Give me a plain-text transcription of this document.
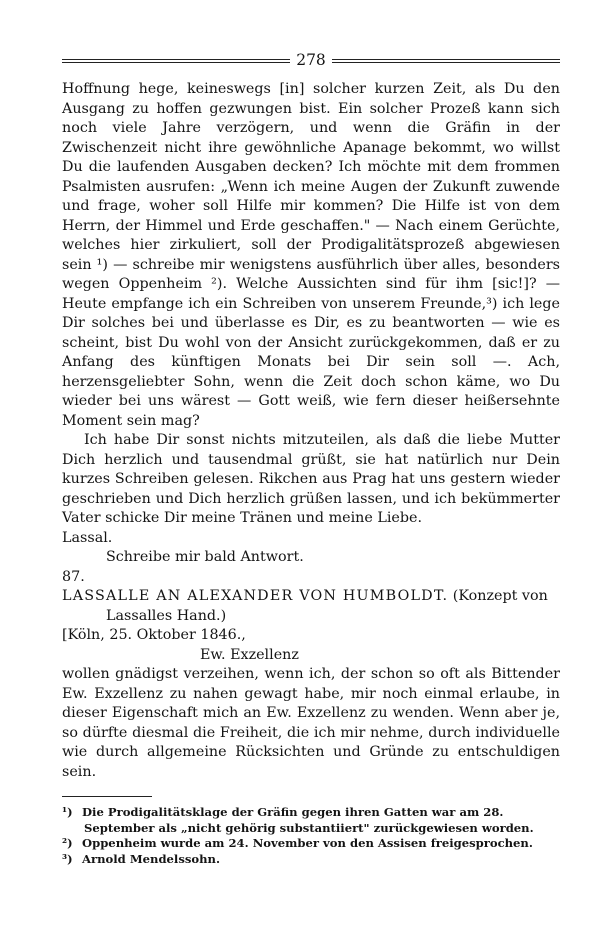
278

Hoffnung hege, keineswegs [in] solcher kurzen Zeit, als Du den Ausgang zu hoffen gezwungen bist. Ein solcher Prozeß kann sich noch viele Jahre verzögern, und wenn die Gräfin in der Zwischenzeit nicht ihre gewöhnliche Apanage bekommt, wo willst Du die laufenden Ausgaben decken? Ich möchte mit dem frommen Psalmisten ausrufen: „Wenn ich meine Augen der Zukunft zuwende und frage, woher soll Hilfe mir kommen? Die Hilfe ist von dem Herrn, der Himmel und Erde geschaffen." — Nach einem Gerüchte, welches hier zirkuliert, soll der Prodigalitätsprozeß abgewiesen sein ¹) — schreibe mir wenigstens ausführlich über alles, besonders wegen Oppenheim ²). Welche Aussichten sind für ihm [sic!]? — Heute empfange ich ein Schreiben von unserem Freunde,³) ich lege Dir solches bei und überlasse es Dir, es zu beantworten — wie es scheint, bist Du wohl von der Ansicht zurückgekommen, daß er zu Anfang des künftigen Monats bei Dir sein soll —. Ach, herzensgeliebter Sohn, wenn die Zeit doch schon käme, wo Du wieder bei uns wärest — Gott weiß, wie fern dieser heißersehnte Moment sein mag?

Ich habe Dir sonst nichts mitzuteilen, als daß die liebe Mutter Dich herzlich und tausendmal grüßt, sie hat natürlich nur Dein kurzes Schreiben gelesen. Rikchen aus Prag hat uns gestern wieder geschrieben und Dich herzlich grüßen lassen, und ich bekümmerter Vater schicke Dir meine Tränen und meine Liebe.

Lassal.

Schreibe mir bald Antwort.

87.

LASSALLE AN ALEXANDER VON HUMBOLDT. (Konzept von
Lassalles Hand.)

[Köln, 25. Oktober 1846.,

Ew. Exzellenz

wollen gnädigst verzeihen, wenn ich, der schon so oft als Bittender Ew. Exzellenz zu nahen gewagt habe, mir noch einmal erlaube, in dieser Eigenschaft mich an Ew. Exzellenz zu wenden. Wenn aber je, so dürfte diesmal die Freiheit, die ich mir nehme, durch individuelle wie durch allgemeine Rücksichten und Gründe zu entschuldigen sein.

¹) Die Prodigalitätsklage der Gräfin gegen ihren Gatten war am 28. September als „nicht gehörig substantiiert" zurückgewiesen worden.

²) Oppenheim wurde am 24. November von den Assisen freigesprochen.

³) Arnold Mendelssohn.
